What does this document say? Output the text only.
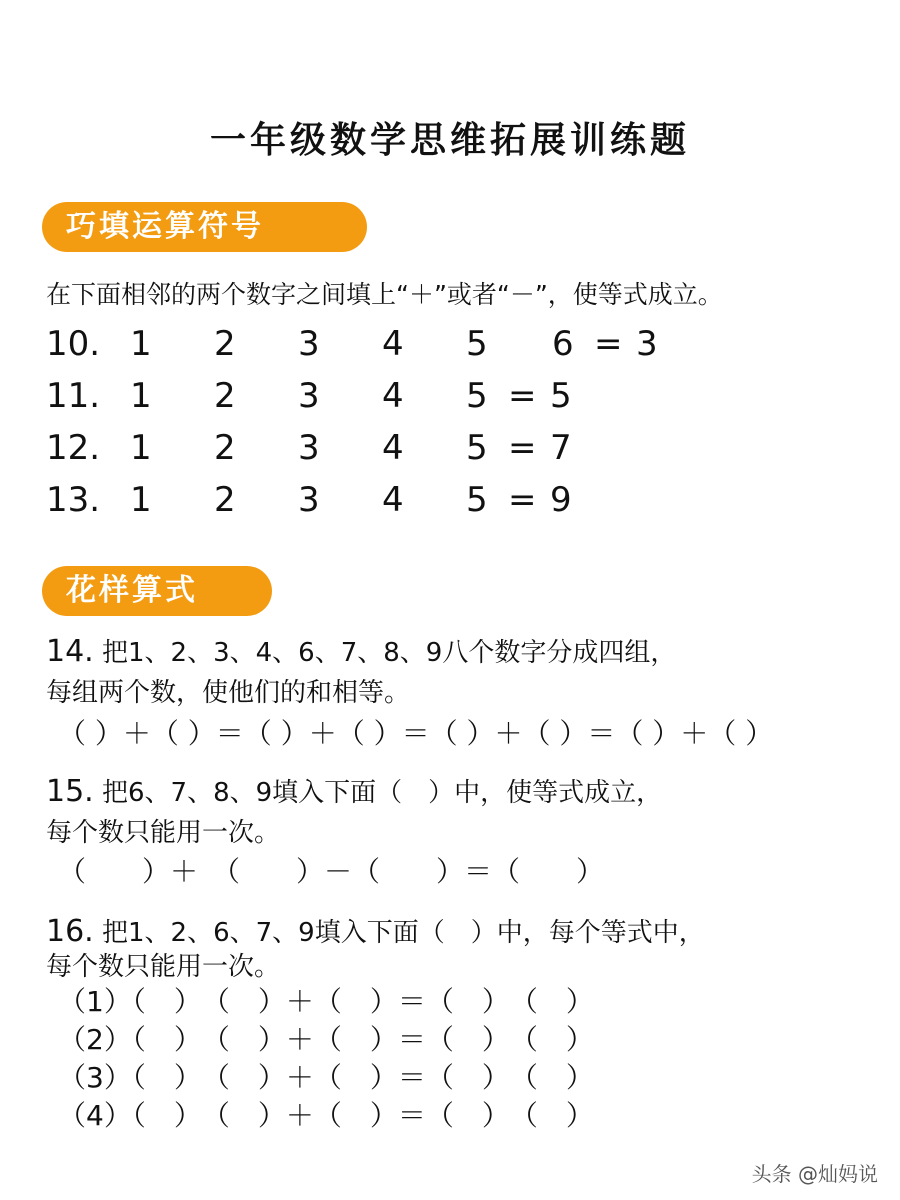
一年级数学思维拓展训练题
巧填运算符号
在下面相邻的两个数字之间填上“＋”或者“－”，使等式成立。
10. 1 2 3 4 5 6 = 3
11. 1 2 3 4 5 = 5
12. 1 2 3 4 5 = 7
13. 1 2 3 4 5 = 9
花样算式
14. 把1、2、3、4、6、7、8、9八个数字分成四组，
每组两个数，使他们的和相等。
（ ）＋（ ）＝（ ）＋（ ）＝（ ）＋（ ）＝（ ）＋（ ）
15. 把6、7、8、9填入下面（　）中，使等式成立，
每个数只能用一次。
（　　）＋　（　　）－（　　）＝（　　）
16. 把1、2、6、7、9填入下面（　）中，每个等式中，
每个数只能用一次。
（1）（　）　（　）＋（　）＝（　）　（　）
（2）（　）　（　）＋（　）＝（　）　（　）
（3）（　）　（　）＋（　）＝（　）　（　）
（4）（　）　（　）＋（　）＝（　）　（　）
头条 @灿妈说
